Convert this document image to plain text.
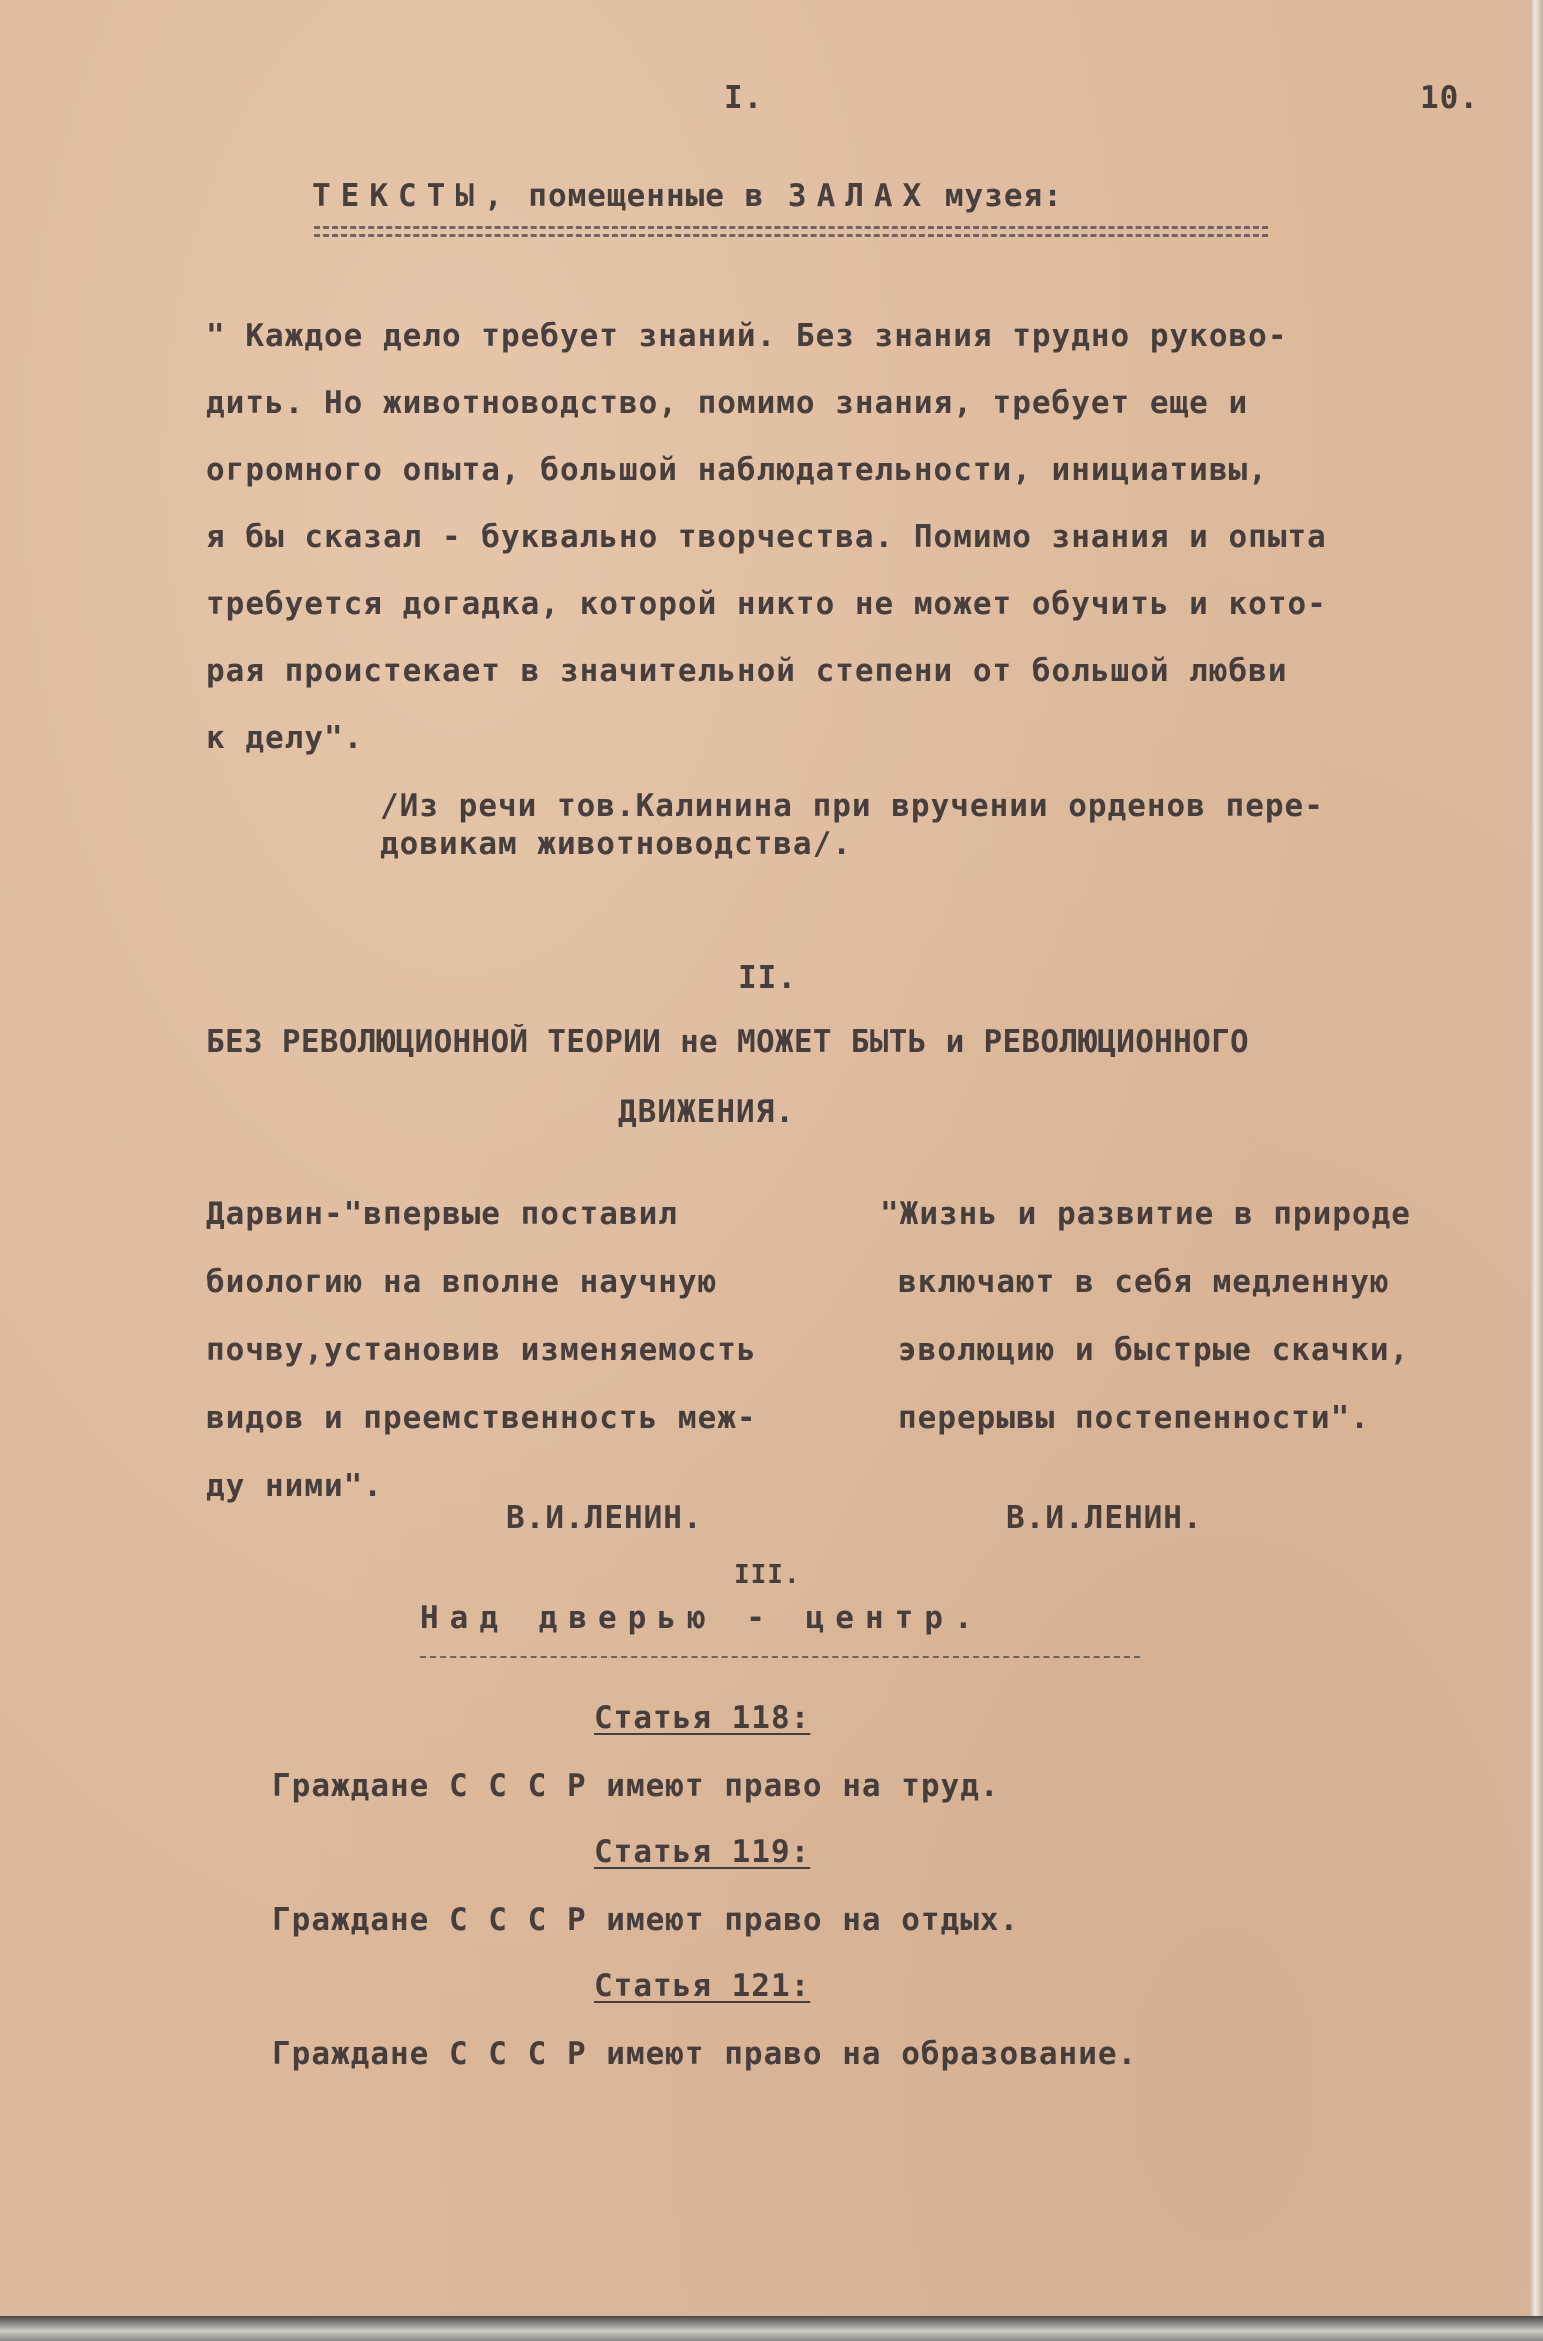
I.	10.
ТЕКСТЫ, помещенные в ЗАЛАХ музея:
" Каждое дело требует знаний. Без знания трудно руково-
дить. Но животноводство, помимо знания, требует еще и
огромного опыта, большой наблюдательности, инициативы,
я бы сказал - буквально творчества. Помимо знания и опыта
требуется догадка, которой никто не может обучить и кото-
рая проистекает в значительной степени от большой любви
к делу".
/Из речи тов.Калинина при вручении орденов пере-
довикам животноводства/.
II.
БЕЗ РЕВОЛЮЦИОННОЙ ТЕОРИИ не МОЖЕТ БЫТЬ и РЕВОЛЮЦИОННОГО
ДВИЖЕНИЯ.
Дарвин-"впервые поставил
биологию на вполне научную
почву,установив изменяемость
видов и преемственность меж-
ду ними".
В.И.ЛЕНИН.
"Жизнь и развитие в природе
включают в себя медленную
эволюцию и быстрые скачки,
перерывы постепенности".
В.И.ЛЕНИН.
III.
Над дверью - центр.
Статья 118:
Граждане С С С Р имеют право на труд.
Статья 119:
Граждане С С С Р имеют право на отдых.
Статья 121:
Граждане С С С Р имеют право на образование.
